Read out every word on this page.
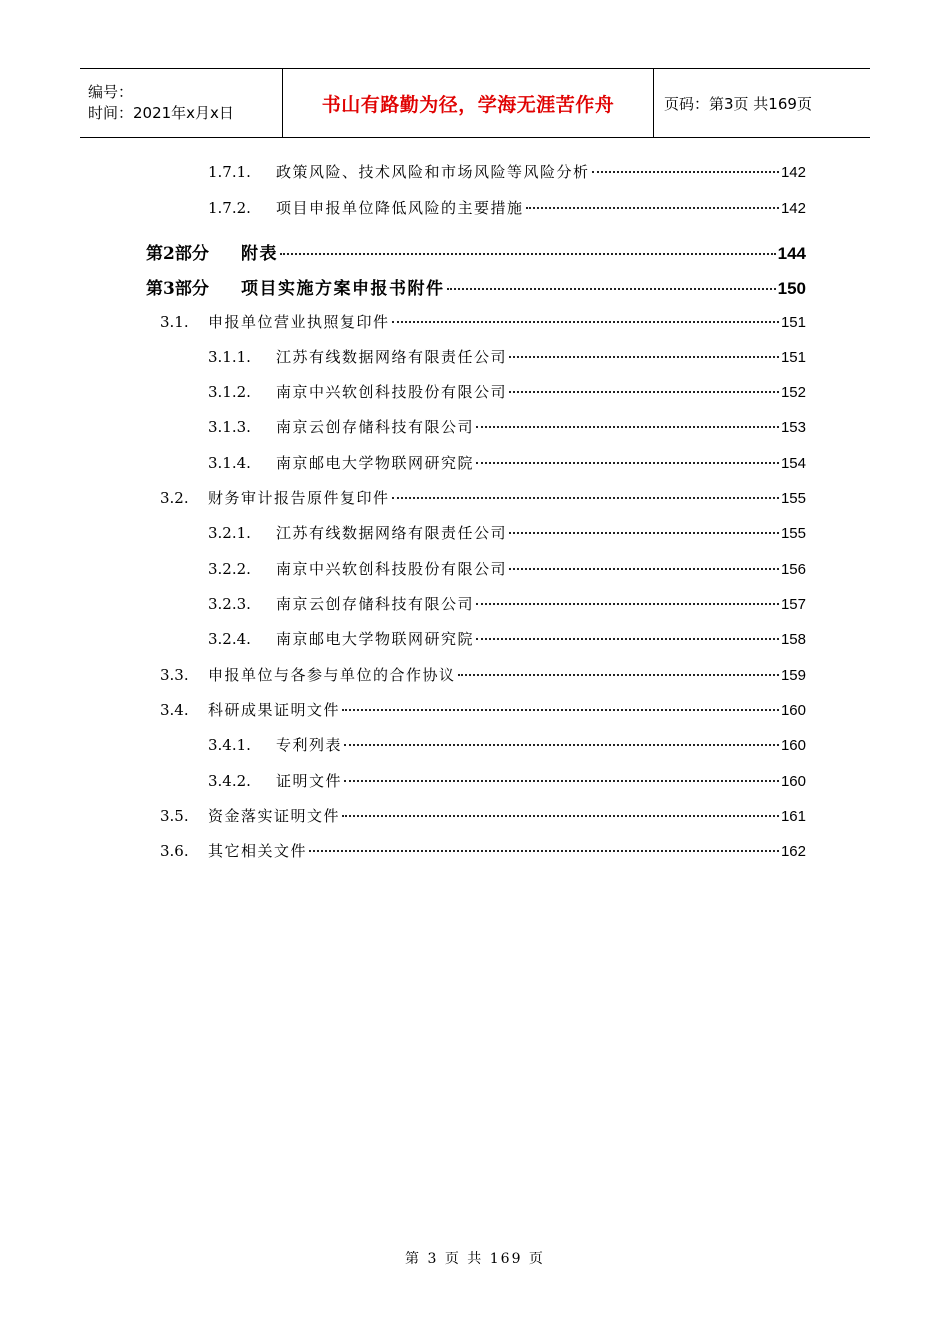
编号：
时间：2021年x月x日	书山有路勤为径，学海无涯苦作舟	页码：第3页 共169页
1.7.1.	政策风险、技术风险和市场风险等风险分析	142
1.7.2.	项目申报单位降低风险的主要措施	142
第2部分	附表	144
第3部分	项目实施方案申报书附件	150
3.1.	申报单位营业执照复印件	151
3.1.1.	江苏有线数据网络有限责任公司	151
3.1.2.	南京中兴软创科技股份有限公司	152
3.1.3.	南京云创存储科技有限公司	153
3.1.4.	南京邮电大学物联网研究院	154
3.2.	财务审计报告原件复印件	155
3.2.1.	江苏有线数据网络有限责任公司	155
3.2.2.	南京中兴软创科技股份有限公司	156
3.2.3.	南京云创存储科技有限公司	157
3.2.4.	南京邮电大学物联网研究院	158
3.3.	申报单位与各参与单位的合作协议	159
3.4.	科研成果证明文件	160
3.4.1.	专利列表	160
3.4.2.	证明文件	160
3.5.	资金落实证明文件	161
3.6.	其它相关文件	162
第 3 页 共 169 页
